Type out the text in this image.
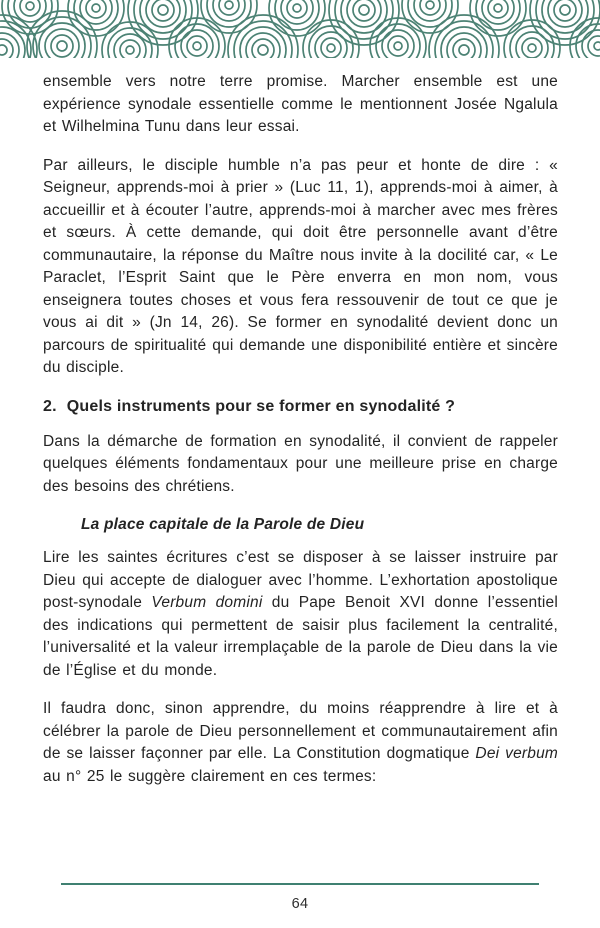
ensemble vers notre terre promise. Marcher ensemble est une expérience synodale essentielle comme le mentionnent Josée Ngalula et Wilhelmina Tunu dans leur essai.

Par ailleurs, le disciple humble n’a pas peur et honte de dire : « Seigneur, apprends-moi à prier » (Luc 11, 1), apprends-moi à aimer, à accueillir et à écouter l’autre, apprends-moi à marcher avec mes frères et sœurs. À cette demande, qui doit être personnelle avant d’être communautaire, la réponse du Maître nous invite à la docilité car, « Le Paraclet, l’Esprit Saint que le Père enverra en mon nom, vous enseignera toutes choses et vous fera ressouvenir de tout ce que je vous ai dit » (Jn 14, 26). Se former en synodalité devient donc un parcours de spiritualité qui demande une disponibilité entière et sincère du disciple.

2. Quels instruments pour se former en synodalité ?

Dans la démarche de formation en synodalité, il convient de rappeler quelques éléments fondamentaux pour une meilleure prise en charge des besoins des chrétiens.

La place capitale de la Parole de Dieu

Lire les saintes écritures c’est se disposer à se laisser instruire par Dieu qui accepte de dialoguer avec l’homme. L’exhortation apostolique post-synodale Verbum domini du Pape Benoit XVI donne l’essentiel des indications qui permettent de saisir plus facilement la centralité, l’universalité et la valeur irremplaçable de la parole de Dieu dans la vie de l’Église et du monde.

Il faudra donc, sinon apprendre, du moins réapprendre à lire et à célébrer la parole de Dieu personnellement et communautairement afin de se laisser façonner par elle. La Constitution dogmatique Dei verbum au n° 25 le suggère clairement en ces termes:

64
